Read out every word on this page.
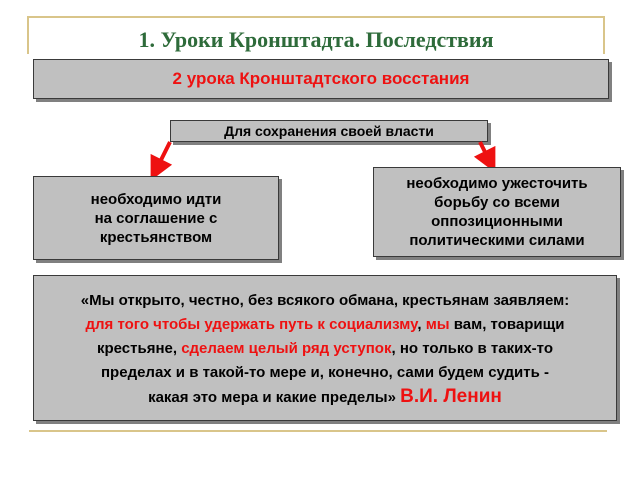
1. Уроки Кронштадта. Последствия
2 урока Кронштадтского восстания
Для сохранения своей власти
необходимо идти
на соглашение с
крестьянством
необходимо ужесточить
борьбу со всеми
оппозиционными
политическими силами
«Мы открыто, честно, без всякого обмана, крестьянам заявляем:
для того чтобы удержать путь к социализму, мы вам, товарищи
крестьяне, сделаем целый ряд уступок, но только в таких-то
пределах и в такой-то мере и, конечно, сами будем судить -
какая это мера и какие пределы» В.И. Ленин
